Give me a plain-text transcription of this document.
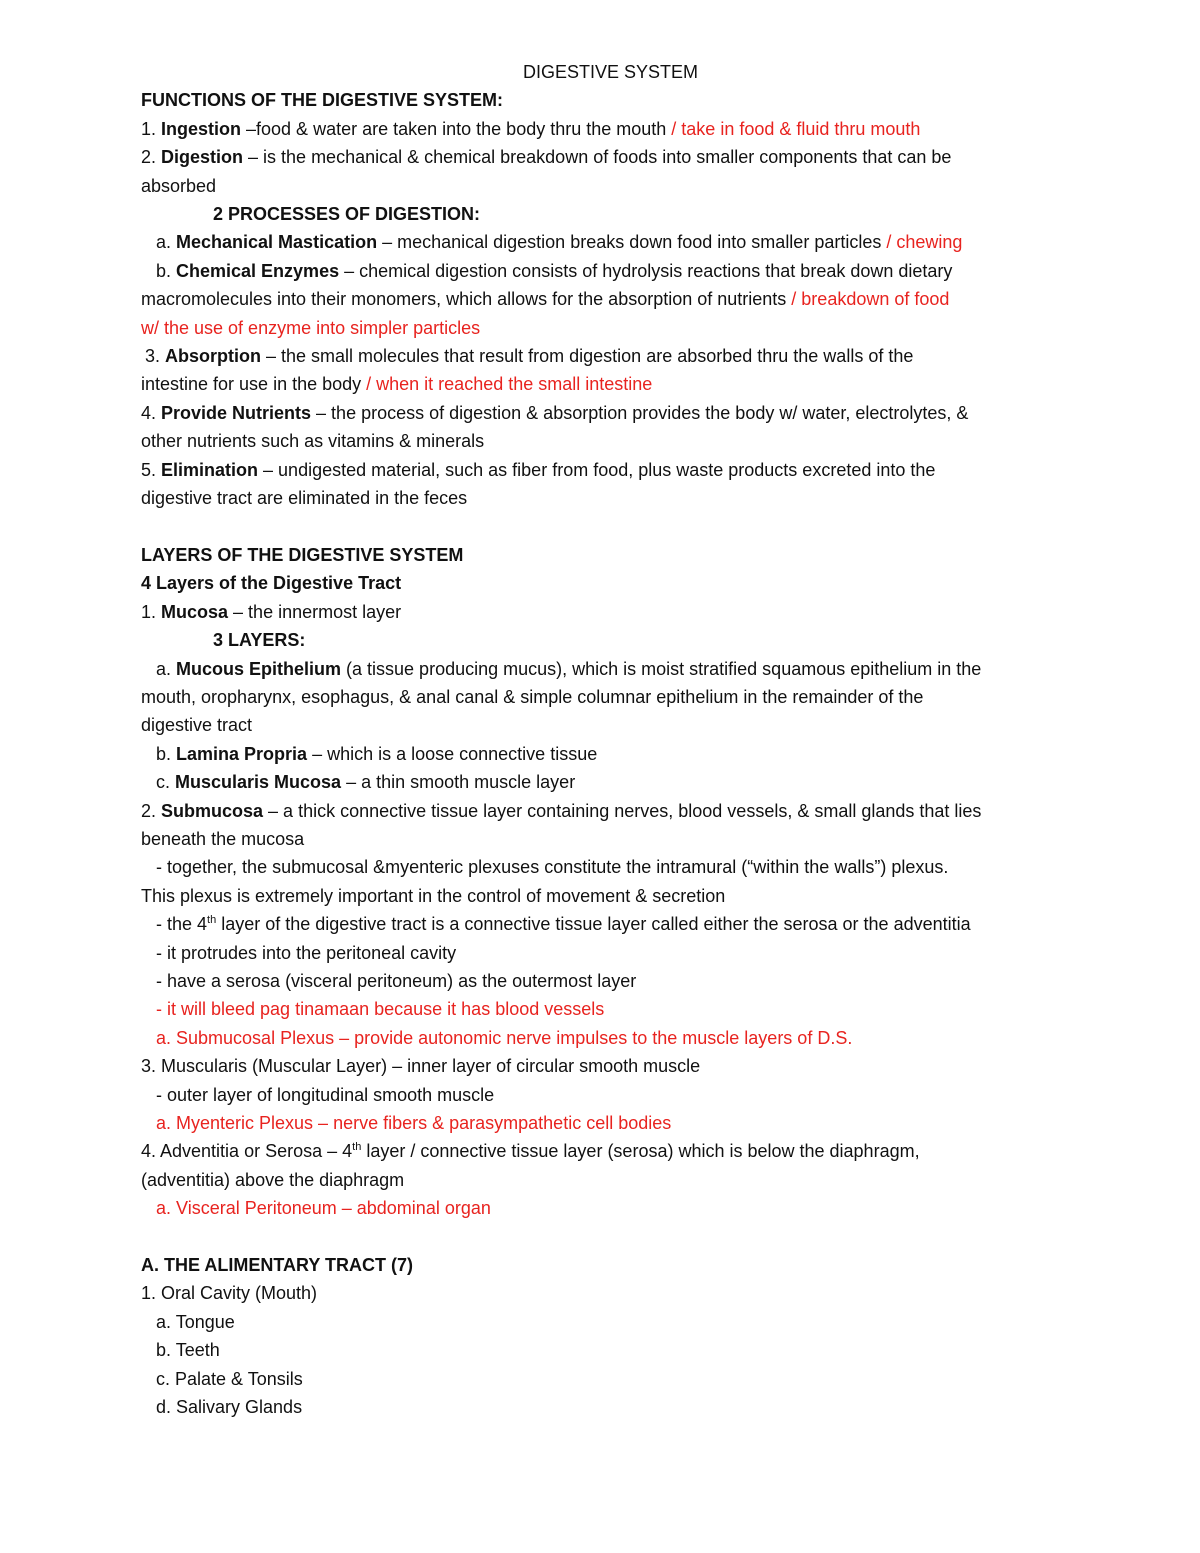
DIGESTIVE SYSTEM
FUNCTIONS OF THE DIGESTIVE SYSTEM:
1. Ingestion –food & water are taken into the body thru the mouth / take in food & fluid thru mouth
2. Digestion – is the mechanical & chemical breakdown of foods into smaller components that can be
absorbed
2 PROCESSES OF DIGESTION:
a. Mechanical Mastication – mechanical digestion breaks down food into smaller particles / chewing
b. Chemical Enzymes – chemical digestion consists of hydrolysis reactions that break down dietary
macromolecules into their monomers, which allows for the absorption of nutrients / breakdown of food
w/ the use of enzyme into simpler particles
3. Absorption – the small molecules that result from digestion are absorbed thru the walls of the
intestine for use in the body / when it reached the small intestine
4. Provide Nutrients – the process of digestion & absorption provides the body w/ water, electrolytes, &
other nutrients such as vitamins & minerals
5. Elimination – undigested material, such as fiber from food, plus waste products excreted into the
digestive tract are eliminated in the feces
LAYERS OF THE DIGESTIVE SYSTEM
4 Layers of the Digestive Tract
1. Mucosa – the innermost layer
3 LAYERS:
a. Mucous Epithelium (a tissue producing mucus), which is moist stratified squamous epithelium in the
mouth, oropharynx, esophagus, & anal canal & simple columnar epithelium in the remainder of the
digestive tract
b. Lamina Propria – which is a loose connective tissue
c. Muscularis Mucosa – a thin smooth muscle layer
2. Submucosa – a thick connective tissue layer containing nerves, blood vessels, & small glands that lies
beneath the mucosa
- together, the submucosal &myenteric plexuses constitute the intramural (“within the walls”) plexus.
This plexus is extremely important in the control of movement & secretion
- the 4th layer of the digestive tract is a connective tissue layer called either the serosa or the adventitia
- it protrudes into the peritoneal cavity
- have a serosa (visceral peritoneum) as the outermost layer
- it will bleed pag tinamaan because it has blood vessels
a. Submucosal Plexus – provide autonomic nerve impulses to the muscle layers of D.S.
3. Muscularis (Muscular Layer) – inner layer of circular smooth muscle
- outer layer of longitudinal smooth muscle
a. Myenteric Plexus – nerve fibers & parasympathetic cell bodies
4. Adventitia or Serosa – 4th layer / connective tissue layer (serosa) which is below the diaphragm,
(adventitia) above the diaphragm
a. Visceral Peritoneum – abdominal organ
A. THE ALIMENTARY TRACT (7)
1. Oral Cavity (Mouth)
a. Tongue
b. Teeth
c. Palate & Tonsils
d. Salivary Glands
